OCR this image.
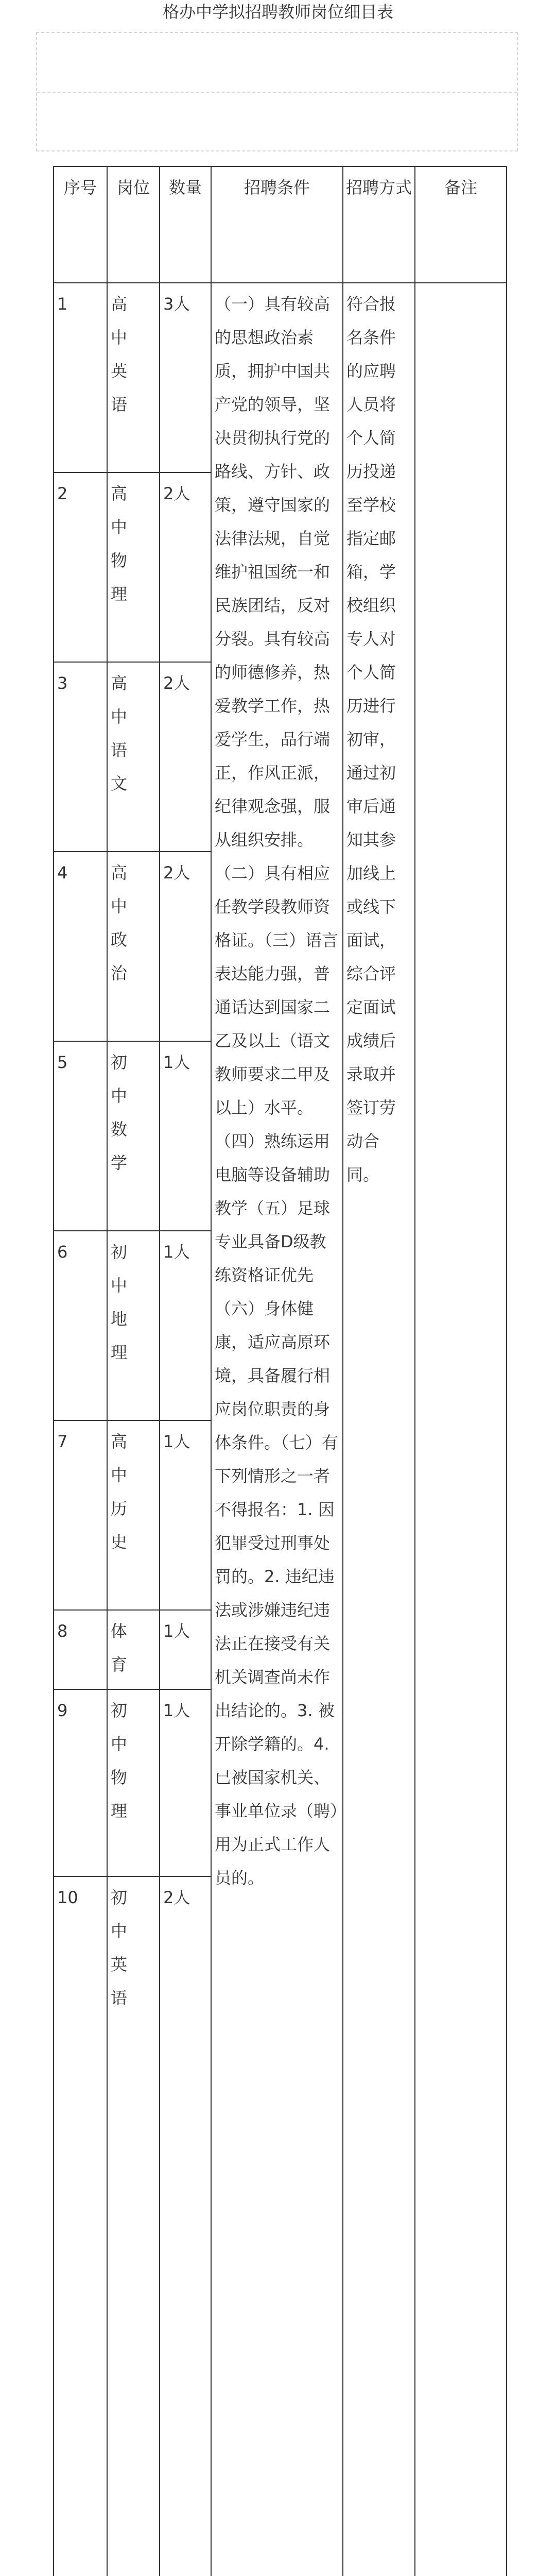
格办中学拟招聘教师岗位细目表
序号	岗位	数量	招聘条件	招聘方式	备注
1	高中英语	3人	（一）具有较高的思想政治素质，拥护中国共产党的领导，坚决贯彻执行党的路线、方针、政策，遵守国家的法律法规，自觉维护祖国统一和民族团结，反对分裂。具有较高的师德修养，热爱教学工作，热爱学生，品行端正，作风正派，纪律观念强，服从组织安排。（二）具有相应任教学段教师资格证。（三）语言表达能力强，普通话达到国家二乙及以上（语文教师要求二甲及以上）水平。（四）熟练运用电脑等设备辅助教学（五）足球专业具备D级教练资格证优先（六）身体健康，适应高原环境，具备履行相应岗位职责的身体条件。（七）有下列情形之一者不得报名：1. 因犯罪受过刑事处罚的。2. 违纪违法或涉嫌违纪违法正在接受有关机关调查尚未作出结论的。3. 被开除学籍的。4. 已被国家机关、事业单位录（聘）用为正式工作人员的。	符合报名条件的应聘人员将个人简历投递至学校指定邮箱，学校组织专人对个人简历进行初审，通过初审后通知其参加线上或线下面试，综合评定面试成绩后录取并签订劳动合同。	

2	高中物理	2人			
3	高中语文	2人			
4	高中政治	2人			
5	初中数学	1人			
6	初中地理	1人			
7	高中历史	1人			
8	体育	1人			
9	初中物理	1人			
10	初中英语	2人			
